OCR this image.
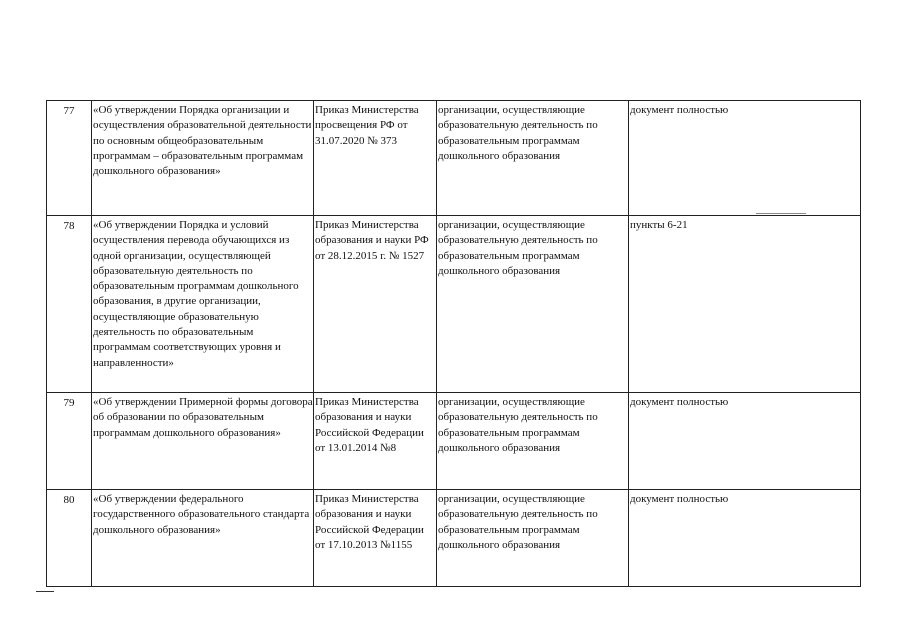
77	«Об утверждении Порядка организации и осуществления образовательной деятельности по основным общеобразовательным программам – образовательным программам дошкольного образования»	Приказ Министерства просвещения РФ от 31.07.2020 № 373	организации, осуществляющие образовательную деятельность по образовательным программам дошкольного образования	документ полностью
78	«Об утверждении Порядка и условий осуществления перевода обучающихся из одной организации, осуществляющей образовательную деятельность по образовательным программам дошкольного образования, в другие организации, осуществляющие образовательную деятельность по образовательным программам соответствующих уровня и направленности»	Приказ Министерства образования и науки РФ от 28.12.2015 г. № 1527	организации, осуществляющие образовательную деятельность по образовательным программам дошкольного образования	пункты 6-21
79	«Об утверждении Примерной формы договора об образовании по образовательным программам дошкольного образования»	Приказ Министерства образования и науки Российской Федерации от 13.01.2014 №8	организации, осуществляющие образовательную деятельность по образовательным программам дошкольного образования	документ полностью
80	«Об утверждении федерального государственного образовательного стандарта дошкольного образования»	Приказ Министерства образования и науки Российской Федерации от 17.10.2013 №1155	организации, осуществляющие образовательную деятельность по образовательным программам дошкольного образования	документ полностью
